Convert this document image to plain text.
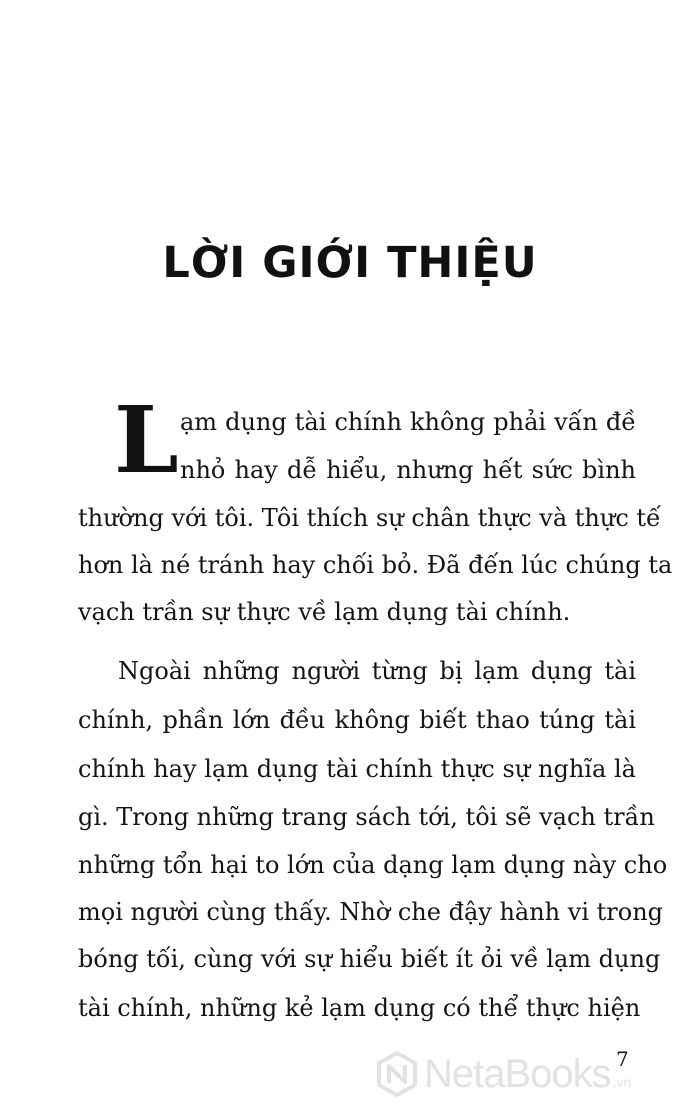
LỜI GIỚI THIỆU
L ạm dụng tài chính không phải vấn đề
nhỏ hay dễ hiểu, nhưng hết sức bình
thường với tôi. Tôi thích sự chân thực và thực tế
hơn là né tránh hay chối bỏ. Đã đến lúc chúng ta
vạch trần sự thực về lạm dụng tài chính.
Ngoài những người từng bị lạm dụng tài
chính, phần lớn đều không biết thao túng tài
chính hay lạm dụng tài chính thực sự nghĩa là
gì. Trong những trang sách tới, tôi sẽ vạch trần
những tổn hại to lớn của dạng lạm dụng này cho
mọi người cùng thấy. Nhờ che đậy hành vi trong
bóng tối, cùng với sự hiểu biết ít ỏi về lạm dụng
tài chính, những kẻ lạm dụng có thể thực hiện
NetaBooks .vn
7
